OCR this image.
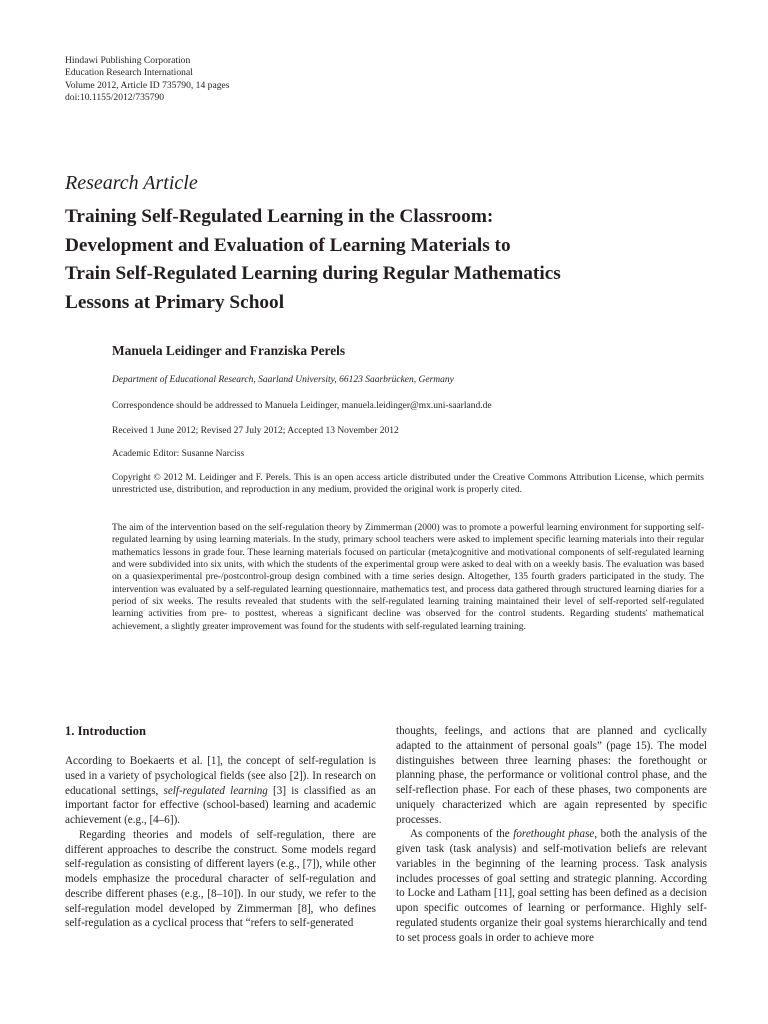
Hindawi Publishing Corporation
Education Research International
Volume 2012, Article ID 735790, 14 pages
doi:10.1155/2012/735790
Research Article
Training Self-Regulated Learning in the Classroom:
Development and Evaluation of Learning Materials to
Train Self-Regulated Learning during Regular Mathematics
Lessons at Primary School
Manuela Leidinger and Franziska Perels
Department of Educational Research, Saarland University, 66123 Saarbrücken, Germany
Correspondence should be addressed to Manuela Leidinger, manuela.leidinger@mx.uni-saarland.de
Received 1 June 2012; Revised 27 July 2012; Accepted 13 November 2012
Academic Editor: Susanne Narciss
Copyright © 2012 M. Leidinger and F. Perels. This is an open access article distributed under the Creative Commons Attribution License, which permits unrestricted use, distribution, and reproduction in any medium, provided the original work is properly cited.

The aim of the intervention based on the self-regulation theory by Zimmerman (2000) was to promote a powerful learning environment for supporting self-regulated learning by using learning materials. In the study, primary school teachers were asked to implement specific learning materials into their regular mathematics lessons in grade four. These learning materials focused on particular (meta)cognitive and motivational components of self-regulated learning and were subdivided into six units, with which the students of the experimental group were asked to deal with on a weekly basis. The evaluation was based on a quasiexperimental pre-/postcontrol-group design combined with a time series design. Altogether, 135 fourth graders participated in the study. The intervention was evaluated by a self-regulated learning questionnaire, mathematics test, and process data gathered through structured learning diaries for a period of six weeks. The results revealed that students with the self-regulated learning training maintained their level of self-reported self-regulated learning activities from pre- to posttest, whereas a significant decline was observed for the control students. Regarding students' mathematical achievement, a slightly greater improvement was found for the students with self-regulated learning training.

1. Introduction

According to Boekaerts et al. [1], the concept of self-regulation is used in a variety of psychological fields (see also [2]). In research on educational settings, self-regulated learning [3] is classified as an important factor for effective (school-based) learning and academic achievement (e.g., [4–6]).

Regarding theories and models of self-regulation, there are different approaches to describe the construct. Some models regard self-regulation as consisting of different layers (e.g., [7]), while other models emphasize the procedural character of self-regulation and describe different phases (e.g., [8–10]). In our study, we refer to the self-regulation model developed by Zimmerman [8], who defines self-regulation as a cyclical process that “refers to self-generated

thoughts, feelings, and actions that are planned and cyclically adapted to the attainment of personal goals” (page 15). The model distinguishes between three learning phases: the forethought or planning phase, the performance or volitional control phase, and the self-reflection phase. For each of these phases, two components are uniquely characterized which are again represented by specific processes.

As components of the forethought phase, both the analysis of the given task (task analysis) and self-motivation beliefs are relevant variables in the beginning of the learning process. Task analysis includes processes of goal setting and strategic planning. According to Locke and Latham [11], goal setting has been defined as a decision upon specific outcomes of learning or performance. Highly self-regulated students organize their goal systems hierarchically and tend to set process goals in order to achieve more
